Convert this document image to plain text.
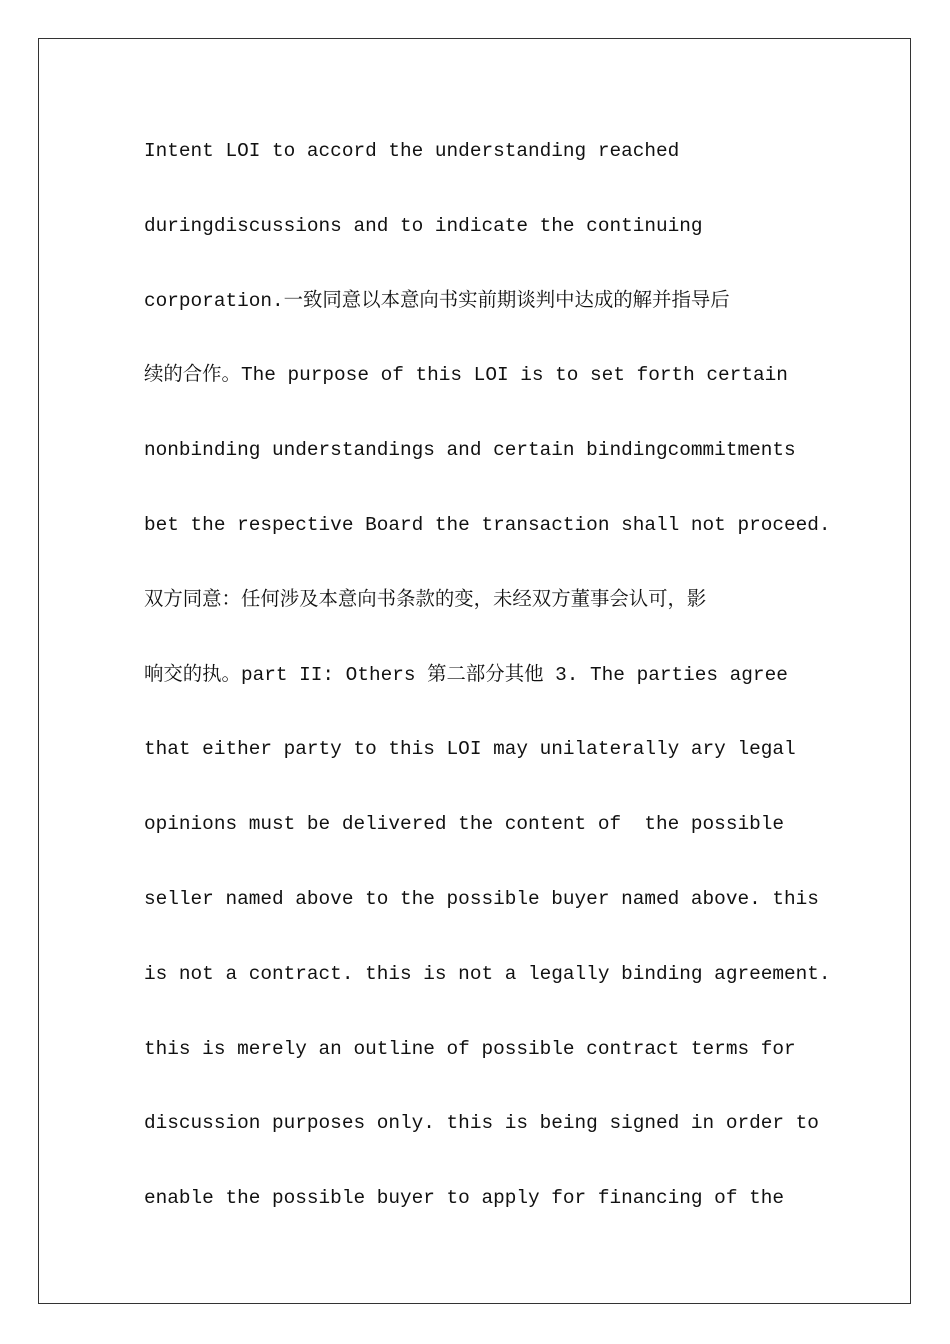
Intent LOI to accord the understanding reached
duringdiscussions and to indicate the continuing
corporation.一致同意以本意向书实前期谈判中达成的解并指导后
续的合作。The purpose of this LOI is to set forth certain
nonbinding understandings and certain bindingcommitments
bet the respective Board the transaction shall not proceed.
双方同意：任何涉及本意向书条款的变，未经双方董事会认可，影
响交的执。part II: Others 第二部分其他 3. The parties agree
that either party to this LOI may unilaterally ary legal
opinions must be delivered the content of  the possible
seller named above to the possible buyer named above. this
is not a contract. this is not a legally binding agreement.
this is merely an outline of possible contract terms for
discussion purposes only. this is being signed in order to
enable the possible buyer to apply for financing of the
